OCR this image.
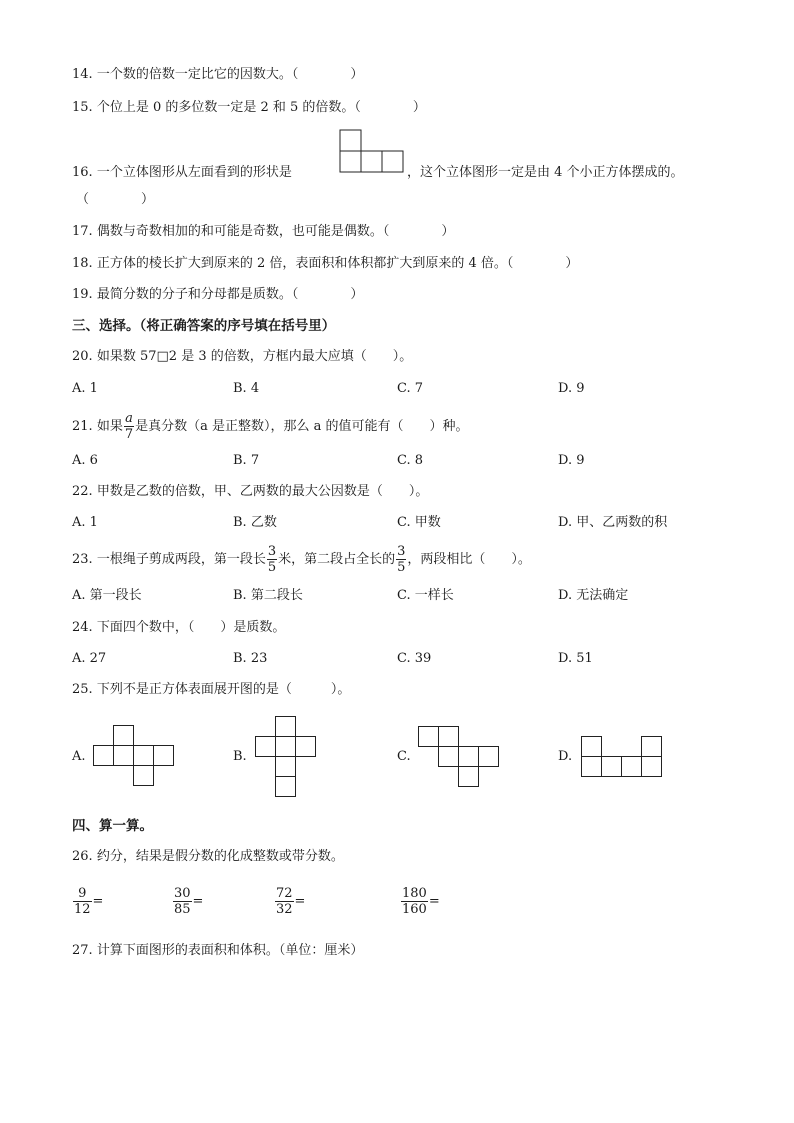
14. 一个数的倍数一定比它的因数大。（　　　　）
15. 个位上是 0 的多位数一定是 2 和 5 的倍数。（　　　　）
16. 一个立体图形从左面看到的形状是	，这个立体图形一定是由 4 个小正方体摆成的。
（　　　　）
17. 偶数与奇数相加的和可能是奇数，也可能是偶数。（　　　　）
18. 正方体的棱长扩大到原来的 2 倍，表面积和体积都扩大到原来的 4 倍。（　　　　）
19. 最简分数的分子和分母都是质数。（　　　　）
三、选择。（将正确答案的序号填在括号里）
20. 如果数 57□2 是 3 的倍数，方框内最大应填（　　）。
A. 1	B. 4	C. 7	D. 9
21. 如果 $\frac{a}{7}$ 是真分数（a 是正整数），那么 a 的值可能有（　　）种。
A. 6	B. 7	C. 8	D. 9
22. 甲数是乙数的倍数，甲、乙两数的最大公因数是（　　）。
A. 1	B. 乙数	C. 甲数	D. 甲、乙两数的积
23. 一根绳子剪成两段，第一段长 $\frac{3}{5}$ 米，第二段占全长的 $\frac{3}{5}$ ，两段相比（　　）。
A. 第一段长	B. 第二段长	C. 一样长	D. 无法确定
24. 下面四个数中，（　　）是质数。
A. 27	B. 23	C. 39	D. 51
25. 下列不是正方体表面展开图的是（　　　）。
A.	B.	C.	D.
四、算一算。
26. 约分，结果是假分数的化成整数或带分数。
$\frac{9}{12}$ =	$\frac{30}{85}$ =	$\frac{72}{32}$ =	$\frac{180}{160}$ =
27. 计算下面图形的表面积和体积。（单位：厘米）
